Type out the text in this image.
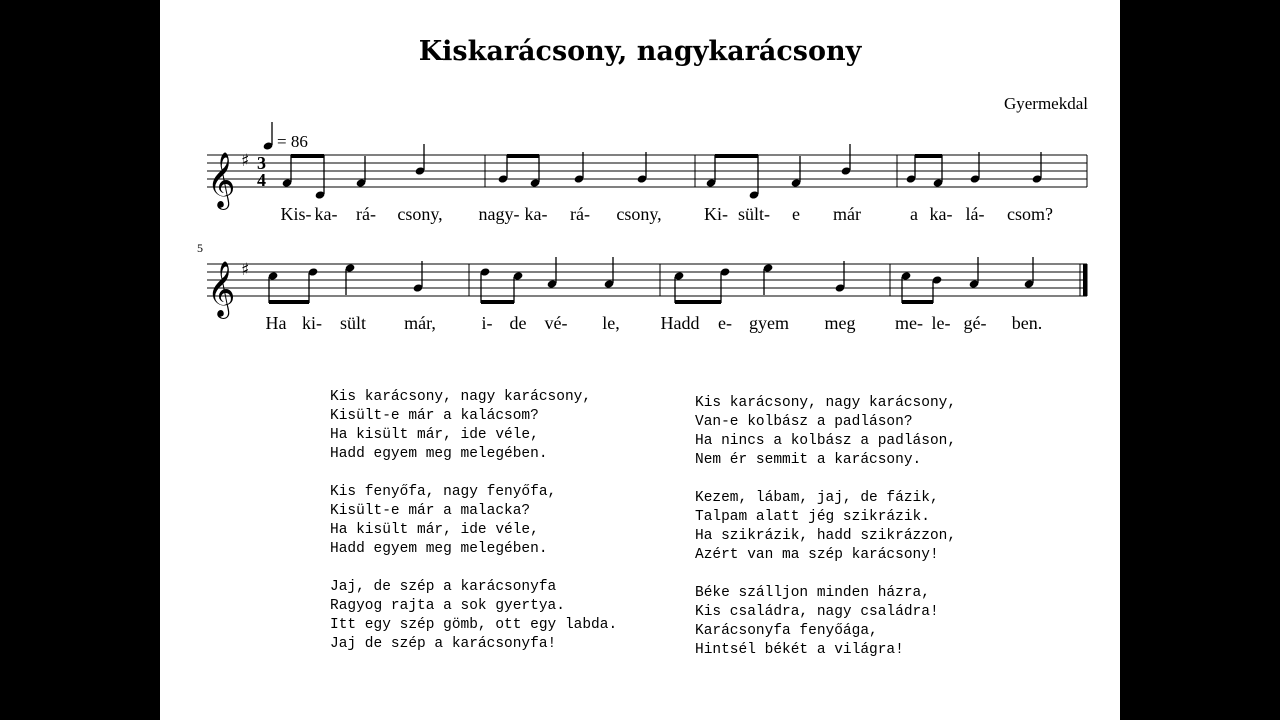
Kiskarácsony, nagykarácsony
Gyermekdal
𝄞 ♯ 3
4
= 86
Kis- ka- rá- csony, nagy- ka- rá- csony, Ki- sült- e már	a ka- lá- csom?
5
𝄞 ♯
Ha ki- sült már,	i- de vé- le, Hadd e- gyem meg me- le- gé- ben.
Kis karácsony, nagy karácsony,
Kisült-e már a kalácsom?
Ha kisült már, ide véle,
Hadd egyem meg melegében.
Kis fenyőfa, nagy fenyőfa,
Kisült-e már a malacka?
Ha kisült már, ide véle,
Hadd egyem meg melegében.
Jaj, de szép a karácsonyfa
Ragyog rajta a sok gyertya.
Itt egy szép gömb, ott egy labda.
Jaj de szép a karácsonyfa!
Kis karácsony, nagy karácsony,
Van-e kolbász a padláson?
Ha nincs a kolbász a padláson,
Nem ér semmit a karácsony.
Kezem, lábam, jaj, de fázik,
Talpam alatt jég szikrázik.
Ha szikrázik, hadd szikrázzon,
Azért van ma szép karácsony!
Béke szálljon minden házra,
Kis családra, nagy családra!
Karácsonyfa fenyőága,
Hintsél békét a világra!
